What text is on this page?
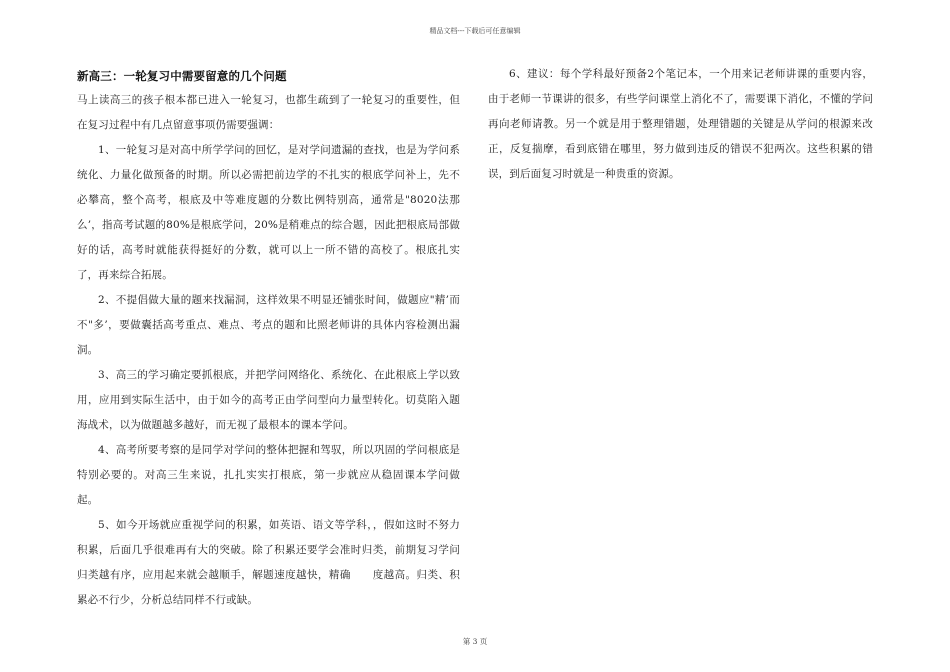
精品文档---下载后可任意编辑
新高三：一轮复习中需要留意的几个问题

马上读高三的孩子根本都已进入一轮复习，也都生疏到了一轮复习的重要性，但在复习过程中有几点留意事项仍需要强调：

1、一轮复习是对高中所学学问的回忆，是对学问遗漏的查找，也是为学问系统化、力量化做预备的时期。所以必需把前边学的不扎实的根底学问补上，先不必攀高，整个高考，根底及中等难度题的分数比例特别高，通常是"8020法那么’，指高考试题的80%是根底学问，20%是稍难点的综合题，因此把根底局部做好的话，高考时就能获得挺好的分数，就可以上一所不错的高校了。根底扎实了，再来综合拓展。

2、不提倡做大量的题来找漏洞，这样效果不明显还铺张时间，做题应"精’而不"多’，要做囊括高考重点、难点、考点的题和比照老师讲的具体内容检测出漏洞。

3、高三的学习确定要抓根底，并把学问网络化、系统化、在此根底上学以致用，应用到实际生活中，由于如今的高考正由学问型向力量型转化。切莫陷入题海战术，以为做题越多越好，而无视了最根本的课本学问。

4、高考所要考察的是同学对学问的整体把握和驾驭，所以巩固的学问根底是特别必要的。对高三生来说，扎扎实实打根底，第一步就应从稳固课本学问做起。

5、如今开场就应重视学问的积累，如英语、语文等学科，，假如这时不努力积累，后面几乎很难再有大的突破。除了积累还要学会准时归类，前期复习学问归类越有序，应用起来就会越顺手，解题速度越快，精确　　度越高。归类、积累必不行少，分析总结同样不行或缺。

6、建议：每个学科最好预备2个笔记本，一个用来记老师讲课的重要内容，由于老师一节课讲的很多，有些学问课堂上消化不了，需要课下消化，不懂的学问再向老师请教。另一个就是用于整理错题，处理错题的关键是从学问的根源来改正，反复揣摩，看到底错在哪里，努力做到违反的错误不犯两次。这些积累的错误，到后面复习时就是一种贵重的资源。

第 3 页
